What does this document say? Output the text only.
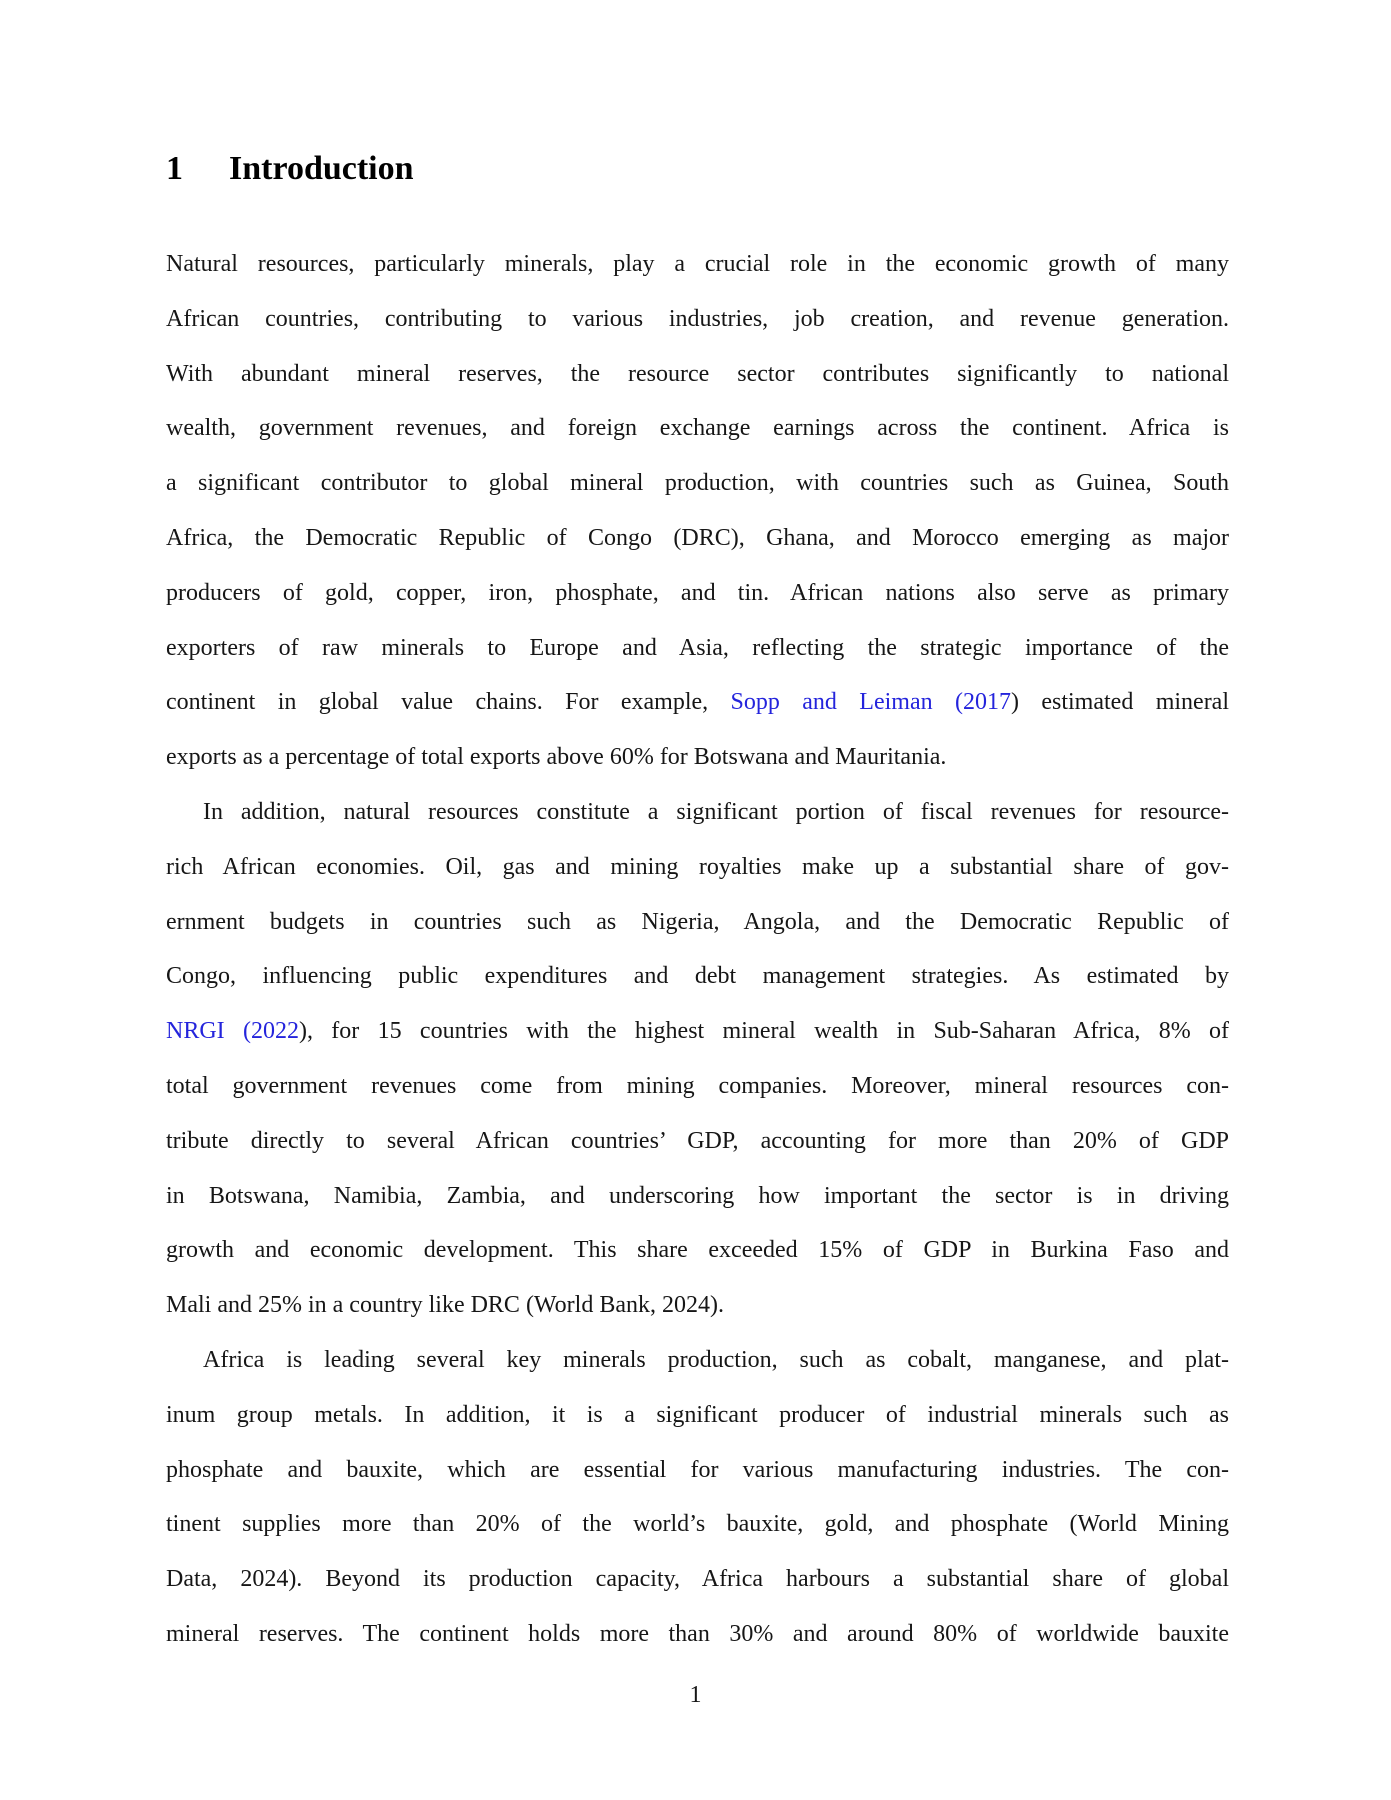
1 Introduction
Natural resources, particularly minerals, play a crucial role in the economic growth of many
African countries, contributing to various industries, job creation, and revenue generation.
With abundant mineral reserves, the resource sector contributes significantly to national
wealth, government revenues, and foreign exchange earnings across the continent. Africa is
a significant contributor to global mineral production, with countries such as Guinea, South
Africa, the Democratic Republic of Congo (DRC), Ghana, and Morocco emerging as major
producers of gold, copper, iron, phosphate, and tin. African nations also serve as primary
exporters of raw minerals to Europe and Asia, reflecting the strategic importance of the
continent in global value chains. For example, Sopp and Leiman (2017) estimated mineral
exports as a percentage of total exports above 60% for Botswana and Mauritania.
In addition, natural resources constitute a significant portion of fiscal revenues for resource-
rich African economies. Oil, gas and mining royalties make up a substantial share of gov-
ernment budgets in countries such as Nigeria, Angola, and the Democratic Republic of
Congo, influencing public expenditures and debt management strategies. As estimated by
NRGI (2022), for 15 countries with the highest mineral wealth in Sub-Saharan Africa, 8% of
total government revenues come from mining companies. Moreover, mineral resources con-
tribute directly to several African countries’ GDP, accounting for more than 20% of GDP
in Botswana, Namibia, Zambia, and underscoring how important the sector is in driving
growth and economic development. This share exceeded 15% of GDP in Burkina Faso and
Mali and 25% in a country like DRC (World Bank, 2024).
Africa is leading several key minerals production, such as cobalt, manganese, and plat-
inum group metals. In addition, it is a significant producer of industrial minerals such as
phosphate and bauxite, which are essential for various manufacturing industries. The con-
tinent supplies more than 20% of the world’s bauxite, gold, and phosphate (World Mining
Data, 2024). Beyond its production capacity, Africa harbours a substantial share of global
mineral reserves. The continent holds more than 30% and around 80% of worldwide bauxite
1
